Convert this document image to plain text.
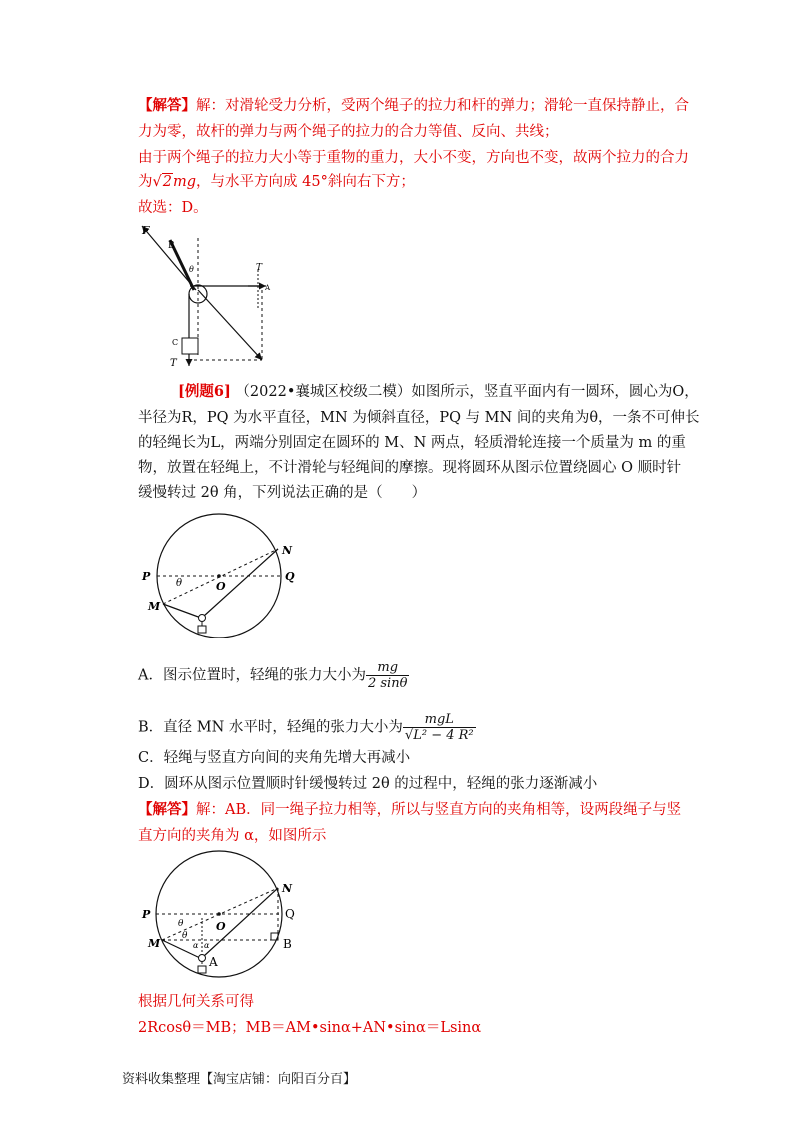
【解答】解：对滑轮受力分析，受两个绳子的拉力和杆的弹力；滑轮一直保持静止，合
力为零，故杆的弹力与两个绳子的拉力的合力等值、反向、共线；
由于两个绳子的拉力大小等于重物的重力，大小不变，方向也不变，故两个拉力的合力
为√2mg，与水平方向成 45°斜向右下方；
故选：D。
F
B
θ	T
A
C
T
[例题6] （2022•襄城区校级二模）如图所示，竖直平面内有一圆环，圆心为O，
半径为R，PQ 为水平直径，MN 为倾斜直径，PQ 与 MN 间的夹角为θ，一条不可伸长
的轻绳长为L，两端分别固定在圆环的 M、N 两点，轻质滑轮连接一个质量为 m 的重
物，放置在轻绳上，不计滑轮与轻绳间的摩擦。现将圆环从图示位置绕圆心 O 顺时针
缓慢转过 2θ 角，下列说法正确的是（　　）
P	Q
N
M
O
θ
A．图示位置时，轻绳的张力大小为 $\frac{mg}{2 \sin\theta}$
B．直径 MN 水平时，轻绳的张力大小为 $\frac{\text{mgL}}{\text{√L² − 4 R²}}$
C．轻绳与竖直方向间的夹角先增大再减小
D．圆环从图示位置顺时针缓慢转过 2θ 的过程中，轻绳的张力逐渐减小
【解答】解：AB．同一绳子拉力相等，所以与竖直方向的夹角相等，设两段绳子与竖
直方向的夹角为 α，如图所示
P	Q
N
M
O
θ
θ
α α
A
B
根据几何关系可得
2Rcosθ＝MB；MB＝AM•sinα+AN•sinα＝Lsinα
资料收集整理【淘宝店铺：向阳百分百】
